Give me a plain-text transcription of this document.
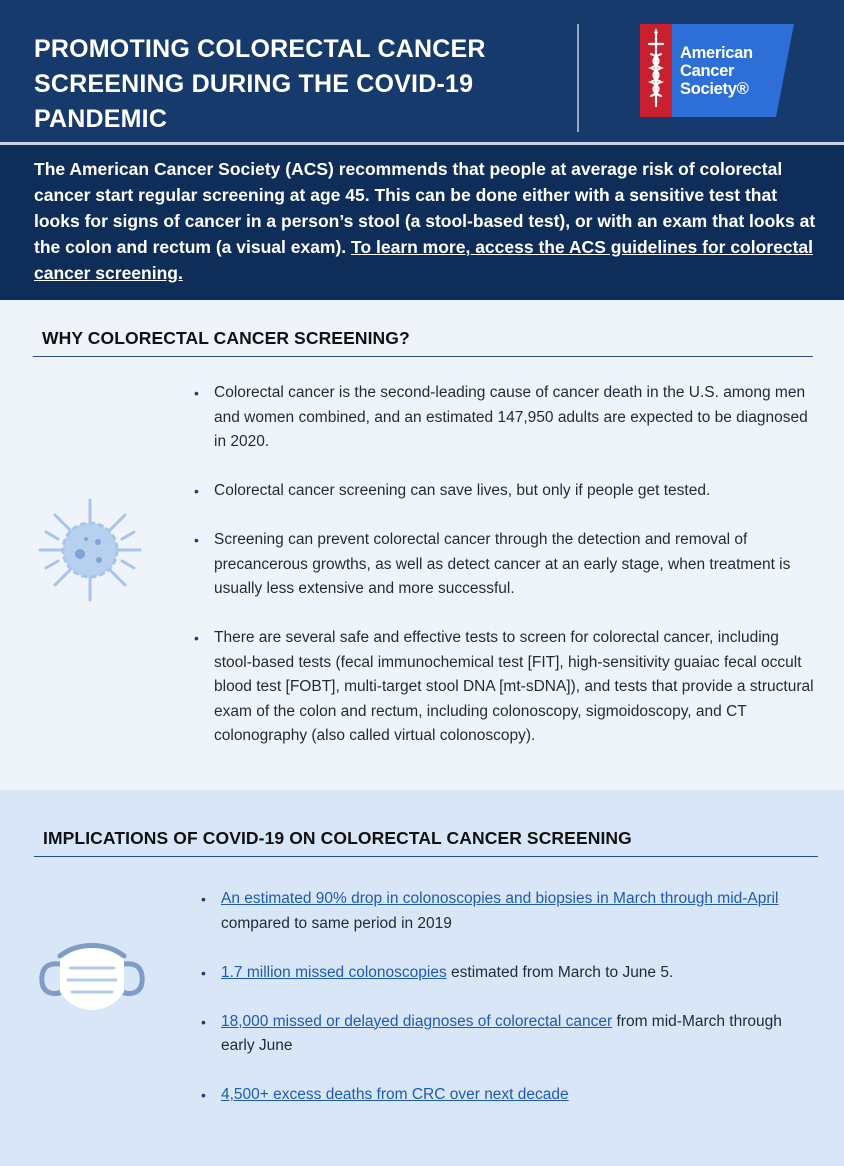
PROMOTING COLORECTAL CANCER SCREENING DURING THE COVID-19 PANDEMIC
American
Cancer
Society®

The American Cancer Society (ACS) recommends that people at average risk of colorectal cancer start regular screening at age 45. This can be done either with a sensitive test that looks for signs of cancer in a person’s stool (a stool-based test), or with an exam that looks at the colon and rectum (a visual exam). To learn more, access the ACS guidelines for colorectal cancer screening.

WHY COLORECTAL CANCER SCREENING?
• Colorectal cancer is the second-leading cause of cancer death in the U.S. among men and women combined, and an estimated 147,950 adults are expected to be diagnosed in 2020.
• Colorectal cancer screening can save lives, but only if people get tested.
• Screening can prevent colorectal cancer through the detection and removal of precancerous growths, as well as detect cancer at an early stage, when treatment is usually less extensive and more successful.
• There are several safe and effective tests to screen for colorectal cancer, including stool-based tests (fecal immunochemical test [FIT], high-sensitivity guaiac fecal occult blood test [FOBT], multi-target stool DNA [mt-sDNA]), and tests that provide a structural exam of the colon and rectum, including colonoscopy, sigmoidoscopy, and CT colonography (also called virtual colonoscopy).
IMPLICATIONS OF COVID-19 ON COLORECTAL CANCER SCREENING
• An estimated 90% drop in colonoscopies and biopsies in March through mid-April compared to same period in 2019
• 1.7 million missed colonoscopies estimated from March to June 5.
• 18,000 missed or delayed diagnoses of colorectal cancer from mid-March through early June
• 4,500+ excess deaths from CRC over next decade
